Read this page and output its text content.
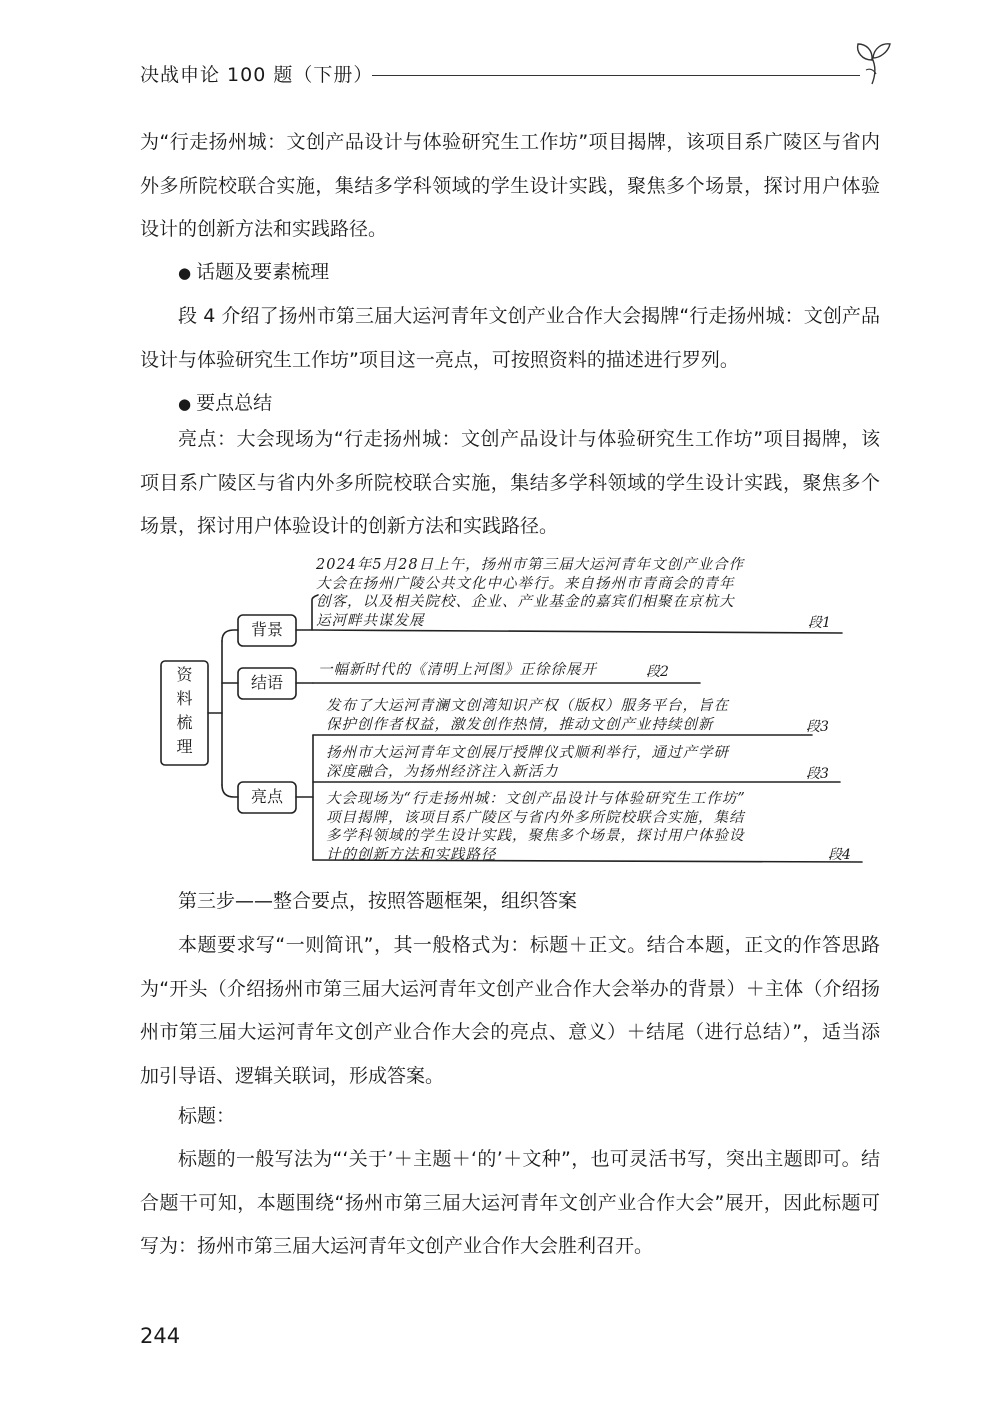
决战申论 100 题（下册）

为“行走扬州城：文创产品设计与体验研究生工作坊”项目揭牌，该项目系广陵区与省内外多所院校联合实施，集结多学科领域的学生设计实践，聚焦多个场景，探讨用户体验设计的创新方法和实践路径。

● 话题及要素梳理

段 4 介绍了扬州市第三届大运河青年文创产业合作大会揭牌“行走扬州城：文创产品设计与体验研究生工作坊”项目这一亮点，可按照资料的描述进行罗列。

● 要点总结

亮点：大会现场为“行走扬州城：文创产品设计与体验研究生工作坊”项目揭牌，该项目系广陵区与省内外多所院校联合实施，集结多学科领域的学生设计实践，聚焦多个场景，探讨用户体验设计的创新方法和实践路径。

资
料
梳
理
背景
结语
亮点
2024年5月28日上午，扬州市第三届大运河青年文创产业合作
大会在扬州广陵公共文化中心举行。来自扬州市青商会的青年
创客，以及相关院校、企业、产业基金的嘉宾们相聚在京杭大
运河畔共谋发展	段1
一幅新时代的《清明上河图》正徐徐展开	段2
发布了大运河青澜文创湾知识产权（版权）服务平台，旨在
保护创作者权益，激发创作热情，推动文创产业持续创新	段3
扬州市大运河青年文创展厅授牌仪式顺利举行，通过产学研
深度融合，为扬州经济注入新活力	段3
大会现场为“行走扬州城：文创产品设计与体验研究生工作坊”
项目揭牌，该项目系广陵区与省内外多所院校联合实施，集结
多学科领域的学生设计实践，聚焦多个场景，探讨用户体验设
计的创新方法和实践路径	段4

第三步——整合要点，按照答题框架，组织答案

本题要求写“一则简讯”，其一般格式为：标题＋正文。结合本题，正文的作答思路为“开头（介绍扬州市第三届大运河青年文创产业合作大会举办的背景）＋主体（介绍扬州市第三届大运河青年文创产业合作大会的亮点、意义）＋结尾（进行总结）”，适当添加引导语、逻辑关联词，形成答案。

标题：

标题的一般写法为“‘关于’＋主题＋‘的’＋文种”，也可灵活书写，突出主题即可。结合题干可知，本题围绕“扬州市第三届大运河青年文创产业合作大会”展开，因此标题可写为：扬州市第三届大运河青年文创产业合作大会胜利召开。

244
